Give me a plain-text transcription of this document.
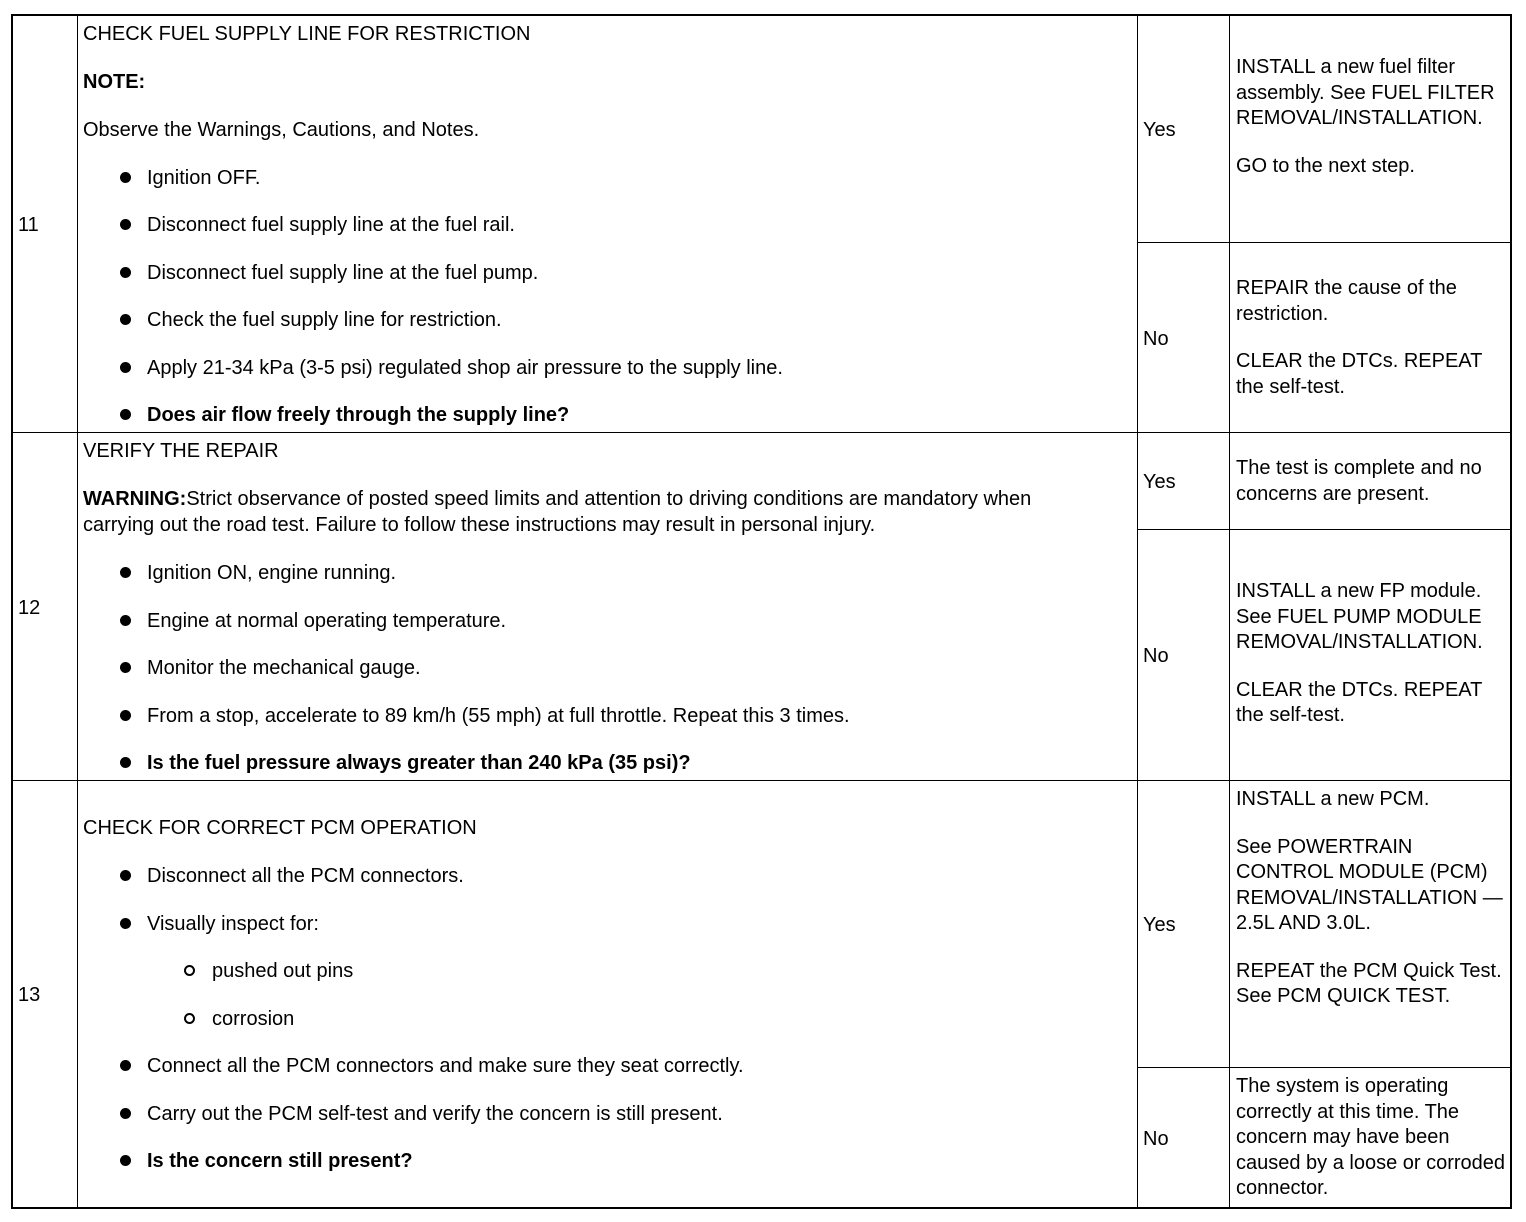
11
CHECK FUEL SUPPLY LINE FOR RESTRICTION
NOTE:
Observe the Warnings, Cautions, and Notes.
Ignition OFF.
Disconnect fuel supply line at the fuel rail.
Disconnect fuel supply line at the fuel pump.
Check the fuel supply line for restriction.
Apply 21-34 kPa (3-5 psi) regulated shop air pressure to the supply line.
Does air flow freely through the supply line?
Yes

INSTALL a new fuel filter assembly. See FUEL FILTER REMOVAL/INSTALLATION.

GO to the next step.

No

REPAIR the cause of the restriction.

CLEAR the DTCs. REPEAT the self-test.

12
VERIFY THE REPAIR
WARNING:Strict observance of posted speed limits and attention to driving conditions are mandatory when
carrying out the road test. Failure to follow these instructions may result in personal injury.
Ignition ON, engine running.
Engine at normal operating temperature.
Monitor the mechanical gauge.
From a stop, accelerate to 89 km/h (55 mph) at full throttle. Repeat this 3 times.
Is the fuel pressure always greater than 240 kPa (35 psi)?
Yes

The test is complete and no concerns are present.

No

INSTALL a new FP module. See FUEL PUMP MODULE REMOVAL/INSTALLATION.

CLEAR the DTCs. REPEAT the self-test.

13
CHECK FOR CORRECT PCM OPERATION
Disconnect all the PCM connectors.
Visually inspect for:
pushed out pins
corrosion
Connect all the PCM connectors and make sure they seat correctly.
Carry out the PCM self-test and verify the concern is still present.
Is the concern still present?
Yes

INSTALL a new PCM.

See POWERTRAIN CONTROL MODULE (PCM) REMOVAL/INSTALLATION — 2.5L AND 3.0L.

REPEAT the PCM Quick Test. See PCM QUICK TEST.

No

The system is operating correctly at this time. The concern may have been caused by a loose or corroded connector.
